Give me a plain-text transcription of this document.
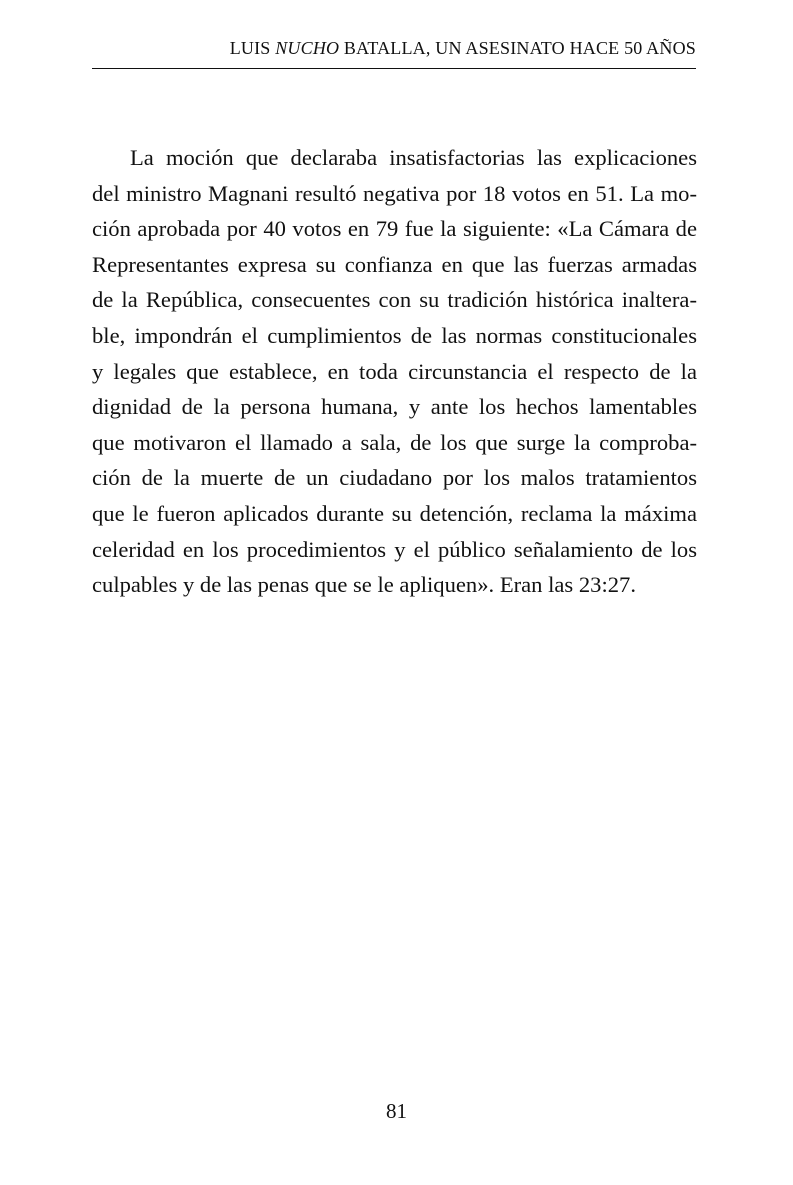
LUIS NUCHO BATALLA, UN ASESINATO HACE 50 AÑOS
La moción que declaraba insatisfactorias las explicaciones
del ministro Magnani resultó negativa por 18 votos en 51. La mo-
ción aprobada por 40 votos en 79 fue la siguiente: «La Cámara de
Representantes expresa su confianza en que las fuerzas armadas
de la República, consecuentes con su tradición histórica inaltera-
ble, impondrán el cumplimientos de las normas constitucionales
y legales que establece, en toda circunstancia el respecto de la
dignidad de la persona humana, y ante los hechos lamentables
que motivaron el llamado a sala, de los que surge la comproba-
ción de la muerte de un ciudadano por los malos tratamientos
que le fueron aplicados durante su detención, reclama la máxima
celeridad en los procedimientos y el público señalamiento de los
culpables y de las penas que se le apliquen». Eran las 23:27.
81
